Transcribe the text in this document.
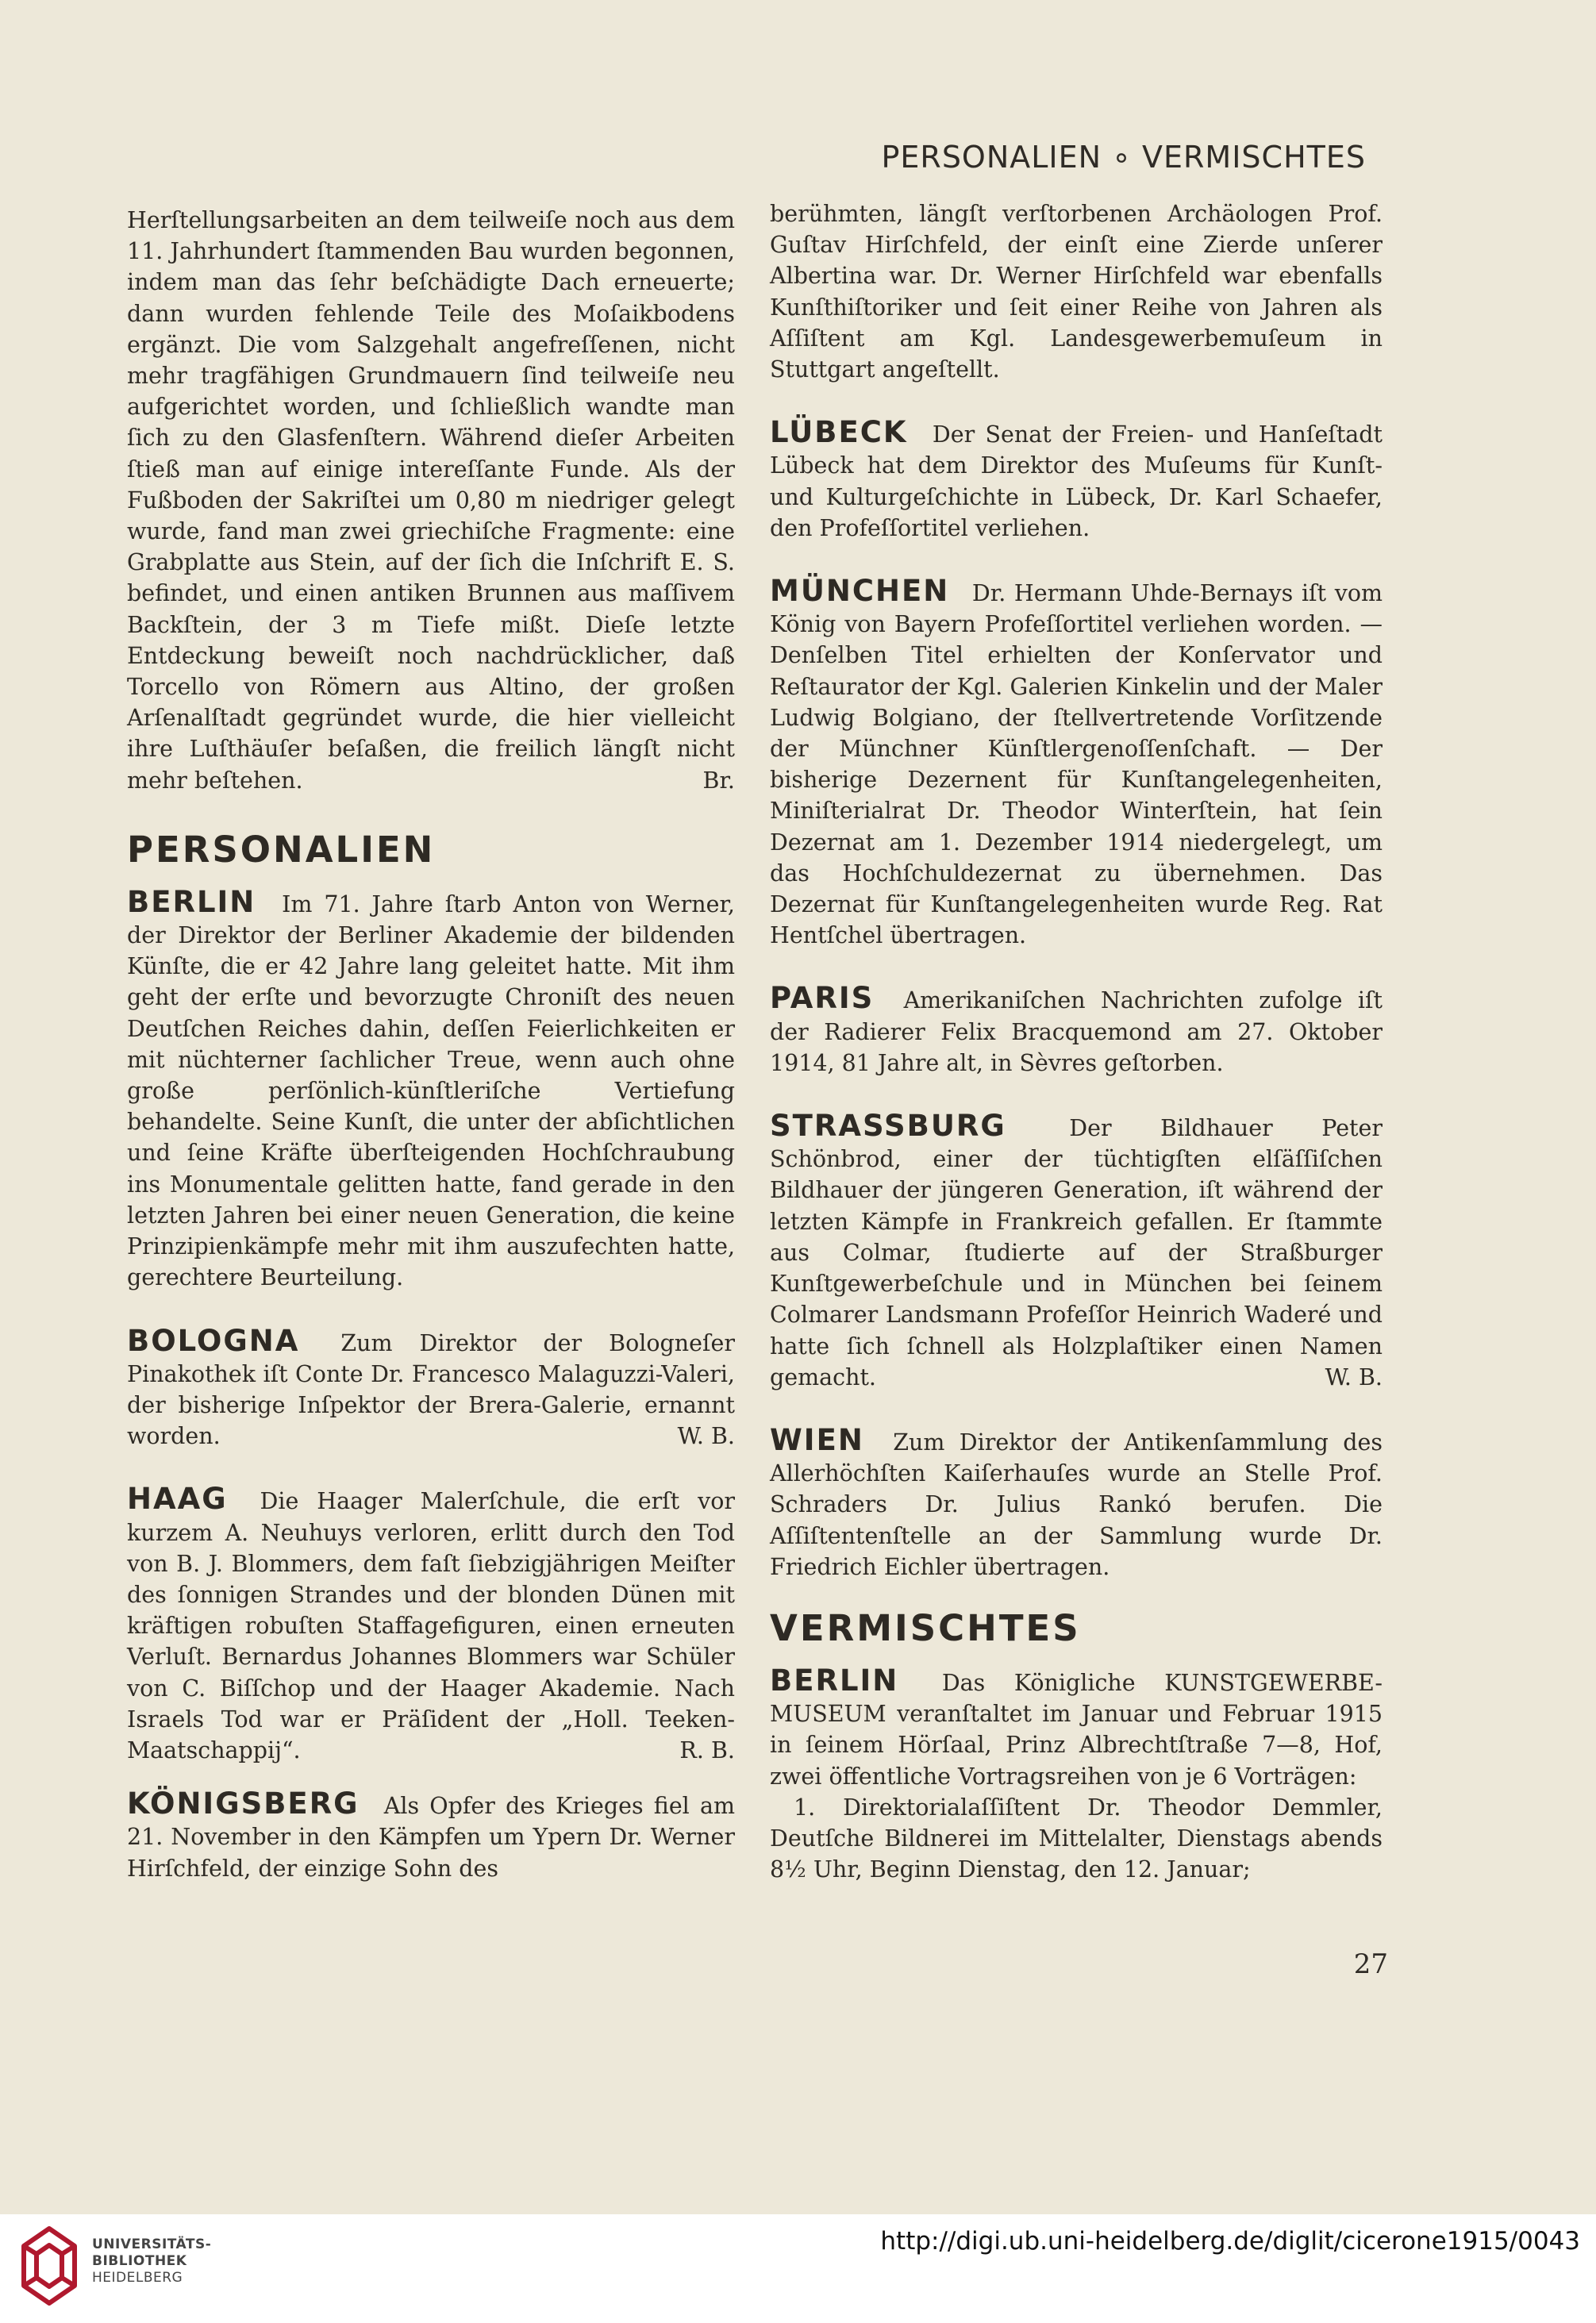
PERSONALIEN ∘ VERMISCHTES

Herſtellungsarbeiten an dem teilweiſe noch aus dem 11. Jahrhundert ſtammenden Bau wurden begonnen, indem man das ſehr beſchädigte Dach erneuerte; dann wurden fehlende Teile des Moſaikbodens ergänzt. Die vom Salzgehalt angefreſſenen, nicht mehr tragfähigen Grundmauern ſind teilweiſe neu aufgerichtet worden, und ſchließlich wandte man ſich zu den Glasfenſtern. Während dieſer Arbeiten ſtieß man auf einige intereſſante Funde. Als der Fußboden der Sakriſtei um 0,80 m niedriger gelegt wurde, fand man zwei griechiſche Fragmente: eine Grabplatte aus Stein, auf der ſich die Inſchrift E. S. befindet, und einen antiken Brunnen aus maſſivem Backſtein, der 3 m Tiefe mißt. Dieſe letzte Entdeckung beweiſt noch nachdrücklicher, daß Torcello von Römern aus Altino, der großen Arſenalſtadt gegründet wurde, die hier vielleicht ihre Luſthäuſer beſaßen, die freilich längſt nicht mehr beſtehen.	Br.

PERSONALIEN

BERLIN Im 71. Jahre ſtarb Anton von Werner, der Direktor der Berliner Akademie der bildenden Künſte, die er 42 Jahre lang geleitet hatte. Mit ihm geht der erſte und bevorzugte Chroniſt des neuen Deutſchen Reiches dahin, deſſen Feierlichkeiten er mit nüchterner ſachlicher Treue, wenn auch ohne große perſönlich-künſtleriſche Vertiefung behandelte. Seine Kunſt, die unter der abſichtlichen und ſeine Kräfte überſteigenden Hochſchraubung ins Monumentale gelitten hatte, fand gerade in den letzten Jahren bei einer neuen Generation, die keine Prinzipienkämpfe mehr mit ihm auszufechten hatte, gerechtere Beurteilung.

BOLOGNA Zum Direktor der Bologneſer Pinakothek iſt Conte Dr. Francesco Malaguzzi-Valeri, der bisherige Inſpektor der Brera-Galerie, ernannt worden.	W. B.

HAAG Die Haager Malerſchule, die erſt vor kurzem A. Neuhuys verloren, erlitt durch den Tod von B. J. Blommers, dem faſt ſiebzigjährigen Meiſter des ſonnigen Strandes und der blonden Dünen mit kräftigen robuſten Staffagefiguren, einen erneuten Verluſt. Bernardus Johannes Blommers war Schüler von C. Biſſchop und der Haager Akademie. Nach Israels Tod war er Präſident der „Holl. Teeken-Maatschappij“.	R. B.

KÖNIGSBERG Als Opfer des Krieges fiel am 21. November in den Kämpfen um Ypern Dr. Werner Hirſchfeld, der einzige Sohn des

berühmten, längſt verſtorbenen Archäologen Prof. Guſtav Hirſchfeld, der einſt eine Zierde unſerer Albertina war. Dr. Werner Hirſchfeld war ebenfalls Kunſthiſtoriker und ſeit einer Reihe von Jahren als Aſſiſtent am Kgl. Landesgewerbemuſeum in Stuttgart angeſtellt.

LÜBECK Der Senat der Freien- und Hanſeſtadt Lübeck hat dem Direktor des Muſeums für Kunſt- und Kulturgeſchichte in Lübeck, Dr. Karl Schaefer, den Profeſſortitel verliehen.

MÜNCHEN Dr. Hermann Uhde-Bernays iſt vom König von Bayern Profeſſortitel verliehen worden. — Denſelben Titel erhielten der Konſervator und Reſtaurator der Kgl. Galerien Kinkelin und der Maler Ludwig Bolgiano, der ſtellvertretende Vorſitzende der Münchner Künſtlergenoſſenſchaft. — Der bisherige Dezernent für Kunſtangelegenheiten, Miniſterialrat Dr. Theodor Winterſtein, hat ſein Dezernat am 1. Dezember 1914 niedergelegt, um das Hochſchuldezernat zu übernehmen. Das Dezernat für Kunſtangelegenheiten wurde Reg. Rat Hentſchel übertragen.

PARIS Amerikaniſchen Nachrichten zufolge iſt der Radierer Felix Bracquemond am 27. Oktober 1914, 81 Jahre alt, in Sèvres geſtorben.

STRASSBURG	Der Bildhauer Peter Schönbrod, einer der tüchtigſten elſäſſiſchen Bildhauer der jüngeren Generation, iſt während der letzten Kämpfe in Frankreich gefallen. Er ſtammte aus Colmar, ſtudierte auf der Straßburger Kunſtgewerbeſchule und in München bei ſeinem Colmarer Landsmann Profeſſor Heinrich Waderé und hatte ſich ſchnell als Holzplaſtiker einen Namen gemacht.	W. B.

WIEN Zum Direktor der Antikenſammlung des Allerhöchſten Kaiſerhauſes wurde an Stelle Prof. Schraders Dr. Julius Rankó berufen. Die Aſſiſtentenſtelle an der Sammlung wurde Dr. Friedrich Eichler übertragen.

VERMISCHTES

BERLIN Das Königliche KUNSTGEWERBE-MUSEUM veranſtaltet im Januar und Februar 1915 in ſeinem Hörſaal, Prinz Albrechtſtraße 7—8, Hof, zwei öffentliche Vortragsreihen von je 6 Vorträgen:

1. Direktorialaſſiſtent Dr. Theodor Demmler, Deutſche Bildnerei im Mittelalter, Dienstags abends 8½ Uhr, Beginn Dienstag, den 12. Januar;

27
UNIVERSITÄTS-
BIBLIOTHEK
HEIDELBERG
http://digi.ub.uni-heidelberg.de/diglit/cicerone1915/0043
